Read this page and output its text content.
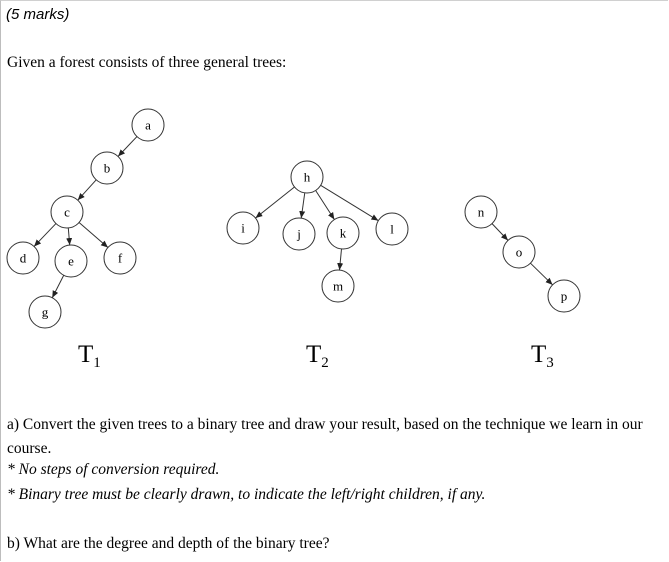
(5 marks)
Given a forest consists of three general trees:
a
b
c
d	e	f
g
h
i	j	k	l
m
n
o
p
$T_1$	$T_2$	$T_3$
a) Convert the given trees to a binary tree and draw your result, based on the technique we learn in our course.
* No steps of conversion required.
* Binary tree must be clearly drawn, to indicate the left/right children, if any.
b) What are the degree and depth of the binary tree?
